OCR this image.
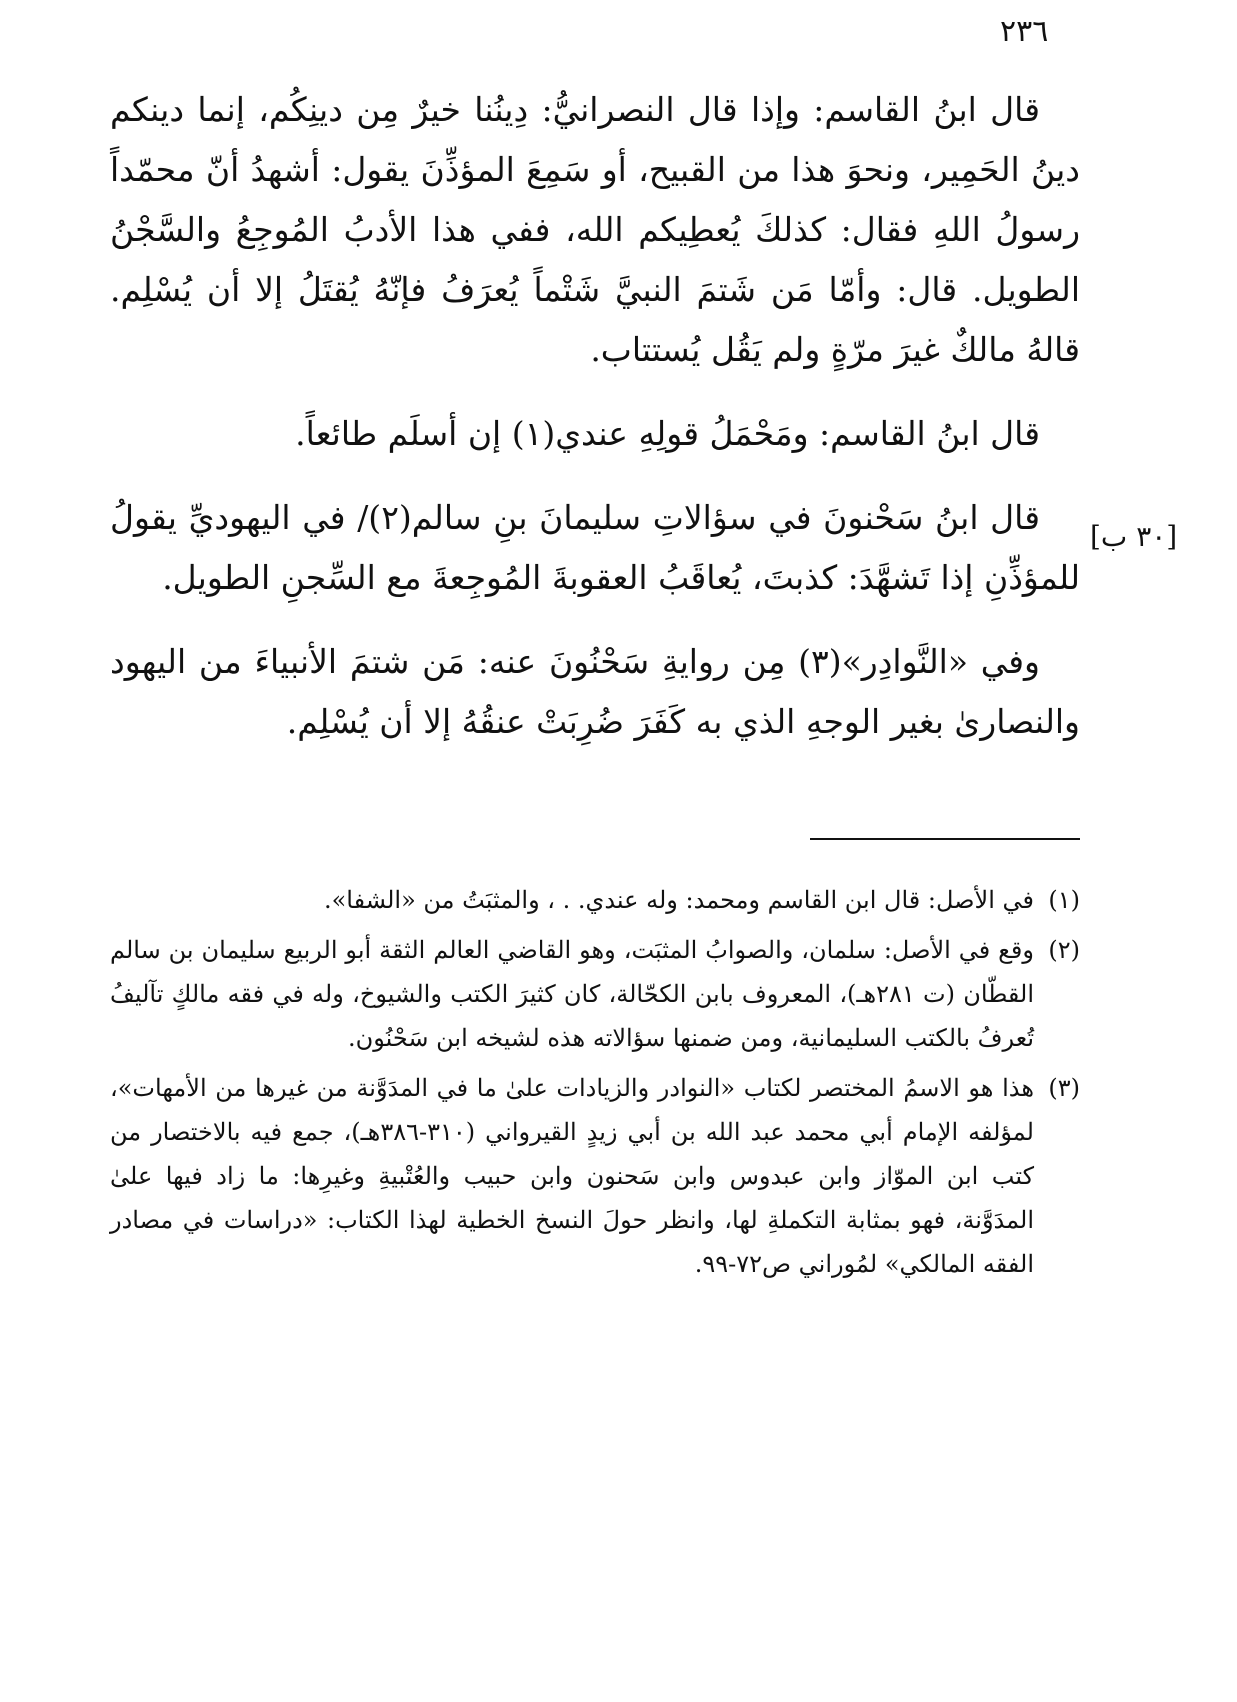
٢٣٦

قال ابنُ القاسم: وإذا قال النصرانيُّ: دِينُنا خيرٌ مِن دينِكُم، إنما دينكم دينُ الحَمِير، ونحوَ هذا من القبيح، أو سَمِعَ المؤذِّنَ يقول: أشهدُ أنّ محمّداً رسولُ اللهِ فقال: كذلكَ يُعطِيكم الله، ففي هذا الأدبُ المُوجِعُ والسَّجْنُ الطويل. قال: وأمّا مَن شَتمَ النبيَّ شَتْماً يُعرَفُ فإنّهُ يُقتَلُ إلا أن يُسْلِم. قالهُ مالكٌ غيرَ مرّةٍ ولم يَقُل يُستتاب.

قال ابنُ القاسم: ومَحْمَلُ قولِهِ عندي(١) إن أسلَم طائعاً.

قال ابنُ سَحْنونَ في سؤالاتِ سليمانَ بنِ سالم(٢)/ في اليهوديِّ يقولُ للمؤذِّنِ إذا تَشهَّدَ: كذبتَ، يُعاقَبُ العقوبةَ المُوجِعةَ مع السِّجنِ الطويل.

وفي «النَّوادِر»(٣) مِن روايةِ سَحْنُونَ عنه: مَن شتمَ الأنبياءَ من اليهود والنصارىٰ بغير الوجهِ الذي به كَفَرَ ضُرِبَتْ عنقُهُ إلا أن يُسْلِم.

[٣٠ ب]
(١)
في الأصل: قال ابن القاسم ومحمد: وله عندي. . ، والمثبَتُ من «الشفا».
(٢)
وقع في الأصل: سلمان، والصوابُ المثبَت، وهو القاضي العالم الثقة أبو الربيع سليمان بن سالم القطّان (ت ٢٨١هـ)، المعروف بابن الكحّالة، كان كثيرَ الكتب والشيوخ، وله في فقه مالكٍ تآليفُ تُعرفُ بالكتب السليمانية، ومن ضمنها سؤالاته هذه لشيخه ابن سَحْنُون.
(٣)
هذا هو الاسمُ المختصر لكتاب «النوادر والزيادات علىٰ ما في المدَوَّنة من غيرها من الأمهات»، لمؤلفه الإمام أبي محمد عبد الله بن أبي زيدٍ القيرواني (٣١٠-٣٨٦هـ)، جمع فيه بالاختصار من كتب ابن الموّاز وابن عبدوس وابن سَحنون وابن حبيب والعُتْبيةِ وغيرِها: ما زاد فيها علىٰ المدَوَّنة، فهو بمثابة التكملةِ لها، وانظر حولَ النسخ الخطية لهذا الكتاب: «دراسات في مصادر الفقه المالكي» لمُوراني ص٧٢-٩٩.
